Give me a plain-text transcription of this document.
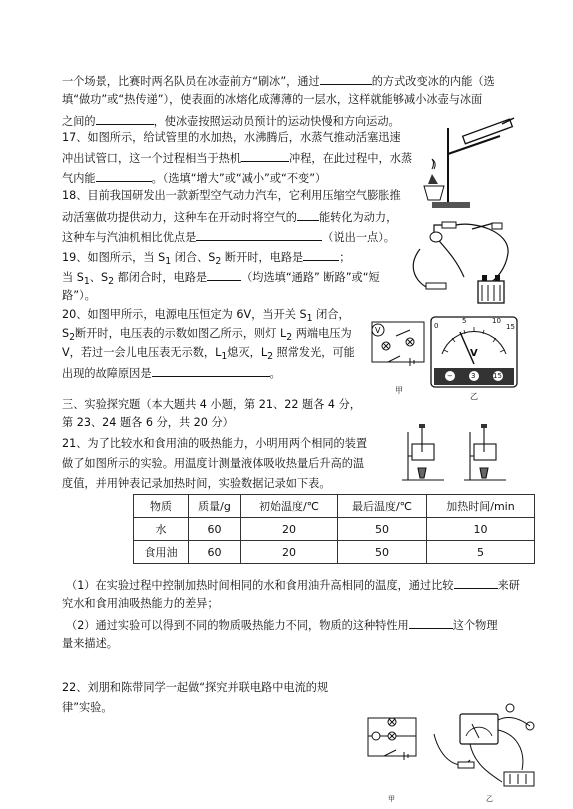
一个场景，比赛时两名队员在冰壶前方“刷冰”，通过	的方式改变冰的内能（选
填“做功”或“热传递”），使表面的冰熔化成薄薄的一层水，这样就能够减小冰壶与冰面
之间的	，使冰壶按照运动员预计的运动快慢和方向运动。
17、如图所示，给试管里的水加热，水沸腾后，水蒸气推动活塞迅速
冲出试管口，这一个过程相当于热机	冲程，在此过程中，水蒸
气内能	。（选填“增大”或“减小”或“不变”）
18、目前我国研发出一款新型空气动力汽车，它利用压缩空气膨胀推
动活塞做功提供动力，这种车在开动时将空气的 能转化为动力，
这种车与汽油机相比优点是	（说出一点）。
19、如图所示，当 $S_1$ 闭合、$S_2$ 断开时，电路是	；
当 $S_1$、$S_2$ 都闭合时，电路是	（均选填“通路” 断路”或“短
路”）。
20、如图甲所示，电源电压恒定为 6V，当开关 $S_1$ 闭合，
$S_2$断开时，电压表的示数如图乙所示，则灯 $L_2$ 两端电压为
V，若过一会儿电压表无示数，$L_1$熄灭，$L_2$ 照常发光，可能
出现的故障原因是	。
V
甲
0
5	10
15
V
−	3	15
乙
三、实验探究题（本大题共 4 小题，第 21、22 题各 4 分，
第 23、24 题各 6 分，共 20 分）
21、为了比较水和食用油的吸热能力，小明用两个相同的装置
做了如图所示的实验。用温度计测量液体吸收热量后升高的温
度值，并用钟表记录加热时间，实验数据记录如下表。
物质	质量/g	初始温度/℃	最后温度/℃	加热时间/min
水	60	20	50	10
食用油	60	20	50	5
（1）在实验过程中控制加热时间相同的水和食用油升高相同的温度，通过比较	来研
究水和食用油吸热能力的差异；
（2）通过实验可以得到不同的物质吸热能力不同，物质的这种特性用	这个物理
量来描述。
22、刘朋和陈带同学一起做“探究并联电路中电流的规
律”实验。
甲	乙
